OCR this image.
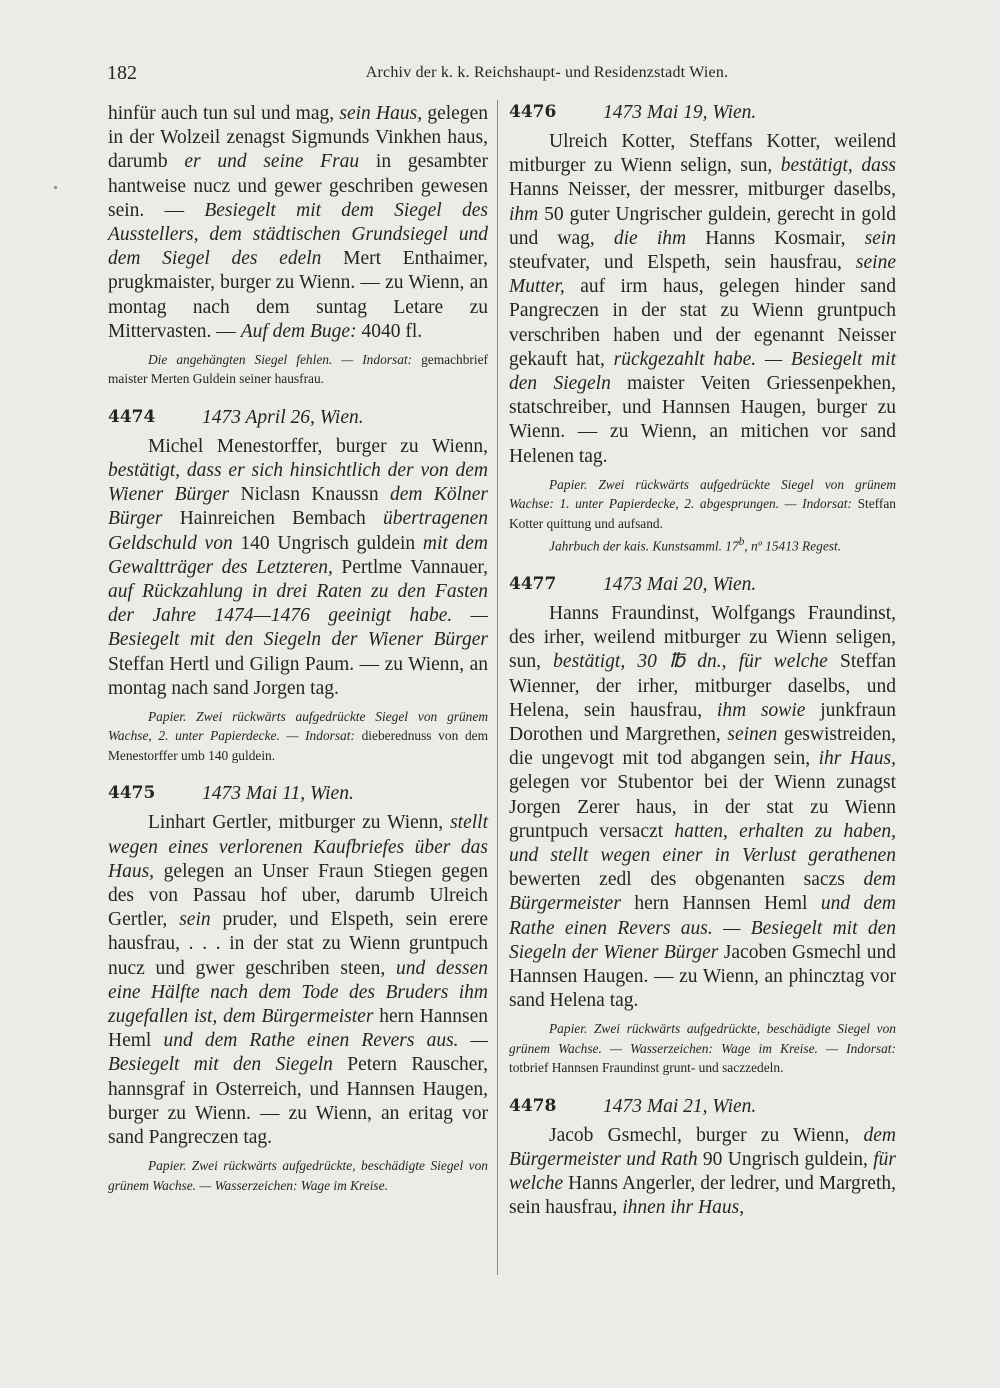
182	Archiv der k. k. Reichshaupt- und Residenzstadt Wien.

hinfür auch tun sul und mag, sein Haus, gelegen in der Wolzeil zenagst Sigmunds Vinkhen haus, darumb er und seine Frau in gesambter hantweise nucz und gewer geschriben gewesen sein. — Besiegelt mit dem Siegel des Ausstellers, dem städtischen Grundsiegel und dem Siegel des edeln Mert Enthaimer, prugkmaister, burger zu Wienn. — zu Wienn, an montag nach dem suntag Letare zu Mittervasten. — Auf dem Buge: 4040 fl.

Die angehängten Siegel fehlen. — Indorsat: gemachbrief maister Merten Guldein seiner hausfrau.

4474 1473 April 26, Wien.

Michel Menestorffer, burger zu Wienn, bestätigt, dass er sich hinsichtlich der von dem Wiener Bürger Niclasn Knaussn dem Kölner Bürger Hainreichen Bembach übertragenen Geldschuld von 140 Ungrisch guldein mit dem Gewaltträger des Letzteren, Pertlme Vannauer, auf Rückzahlung in drei Raten zu den Fasten der Jahre 1474—1476 geeinigt habe. — Besiegelt mit den Siegeln der Wiener Bürger Steffan Hertl und Gilign Paum. — zu Wienn, an montag nach sand Jorgen tag.

Papier. Zwei rückwärts aufgedrückte Siegel von grünem Wachse, 2. unter Papierdecke. — Indorsat: dieberednuss von dem Menestorffer umb 140 guldein.

4475 1473 Mai 11, Wien.

Linhart Gertler, mitburger zu Wienn, stellt wegen eines verlorenen Kaufbriefes über das Haus, gelegen an Unser Fraun Stiegen gegen des von Passau hof uber, darumb Ulreich Gertler, sein pruder, und Elspeth, sein erere hausfrau, . . . in der stat zu Wienn gruntpuch nucz und gwer geschriben steen, und dessen eine Hälfte nach dem Tode des Bruders ihm zugefallen ist, dem Bürgermeister hern Hannsen Heml und dem Rathe einen Revers aus. — Besiegelt mit den Siegeln Petern Rauscher, hannsgraf in Osterreich, und Hannsen Haugen, burger zu Wienn. — zu Wienn, an eritag vor sand Pangreczen tag.

Papier. Zwei rückwärts aufgedrückte, beschädigte Siegel von grünem Wachse. — Wasserzeichen: Wage im Kreise.

4476 1473 Mai 19, Wien.

Ulreich Kotter, Steffans Kotter, weilend mitburger zu Wienn selign, sun, bestätigt, dass Hanns Neisser, der messrer, mitburger daselbs, ihm 50 guter Ungrischer guldein, gerecht in gold und wag, die ihm Hanns Kosmair, sein steufvater, und Elspeth, sein hausfrau, seine Mutter, auf irm haus, gelegen hinder sand Pangreczen in der stat zu Wienn gruntpuch verschriben haben und der egenannt Neisser gekauft hat, rückgezahlt habe. — Besiegelt mit den Siegeln maister Veiten Griessenpekhen, statschreiber, und Hannsen Haugen, burger zu Wienn. — zu Wienn, an mitichen vor sand Helenen tag.

Papier. Zwei rückwärts aufgedrückte Siegel von grünem Wachse: 1. unter Papierdecke, 2. abgesprungen. — Indorsat: Steffan Kotter quittung und aufsand.

Jahrbuch der kais. Kunstsamml. 17$^b$, nº 15413 Regest.

4477 1473 Mai 20, Wien.

Hanns Fraundinst, Wolfgangs Fraundinst, des irher, weilend mitburger zu Wienn seligen, sun, bestätigt, 30 ℔ dn., für welche Steffan Wienner, der irher, mitburger daselbs, und Helena, sein hausfrau, ihm sowie junkfraun Dorothen und Margrethen, seinen geswistreiden, die ungevogt mit tod abgangen sein, ihr Haus, gelegen vor Stubentor bei der Wienn zunagst Jorgen Zerer haus, in der stat zu Wienn gruntpuch versaczt hatten, erhalten zu haben, und stellt wegen einer in Verlust gerathenen bewerten zedl des obgenanten saczs dem Bürgermeister hern Hannsen Heml und dem Rathe einen Revers aus. — Besiegelt mit den Siegeln der Wiener Bürger Jacoben Gsmechl und Hannsen Haugen. — zu Wienn, an phincztag vor sand Helena tag.

Papier. Zwei rückwärts aufgedrückte, beschädigte Siegel von grünem Wachse. — Wasserzeichen: Wage im Kreise. — Indorsat: totbrief Hannsen Fraundinst grunt- und saczzedeln.

4478 1473 Mai 21, Wien.

Jacob Gsmechl, burger zu Wienn, dem Bürgermeister und Rath 90 Ungrisch guldein, für welche Hanns Angerler, der ledrer, und Margreth, sein hausfrau, ihnen ihr Haus,
